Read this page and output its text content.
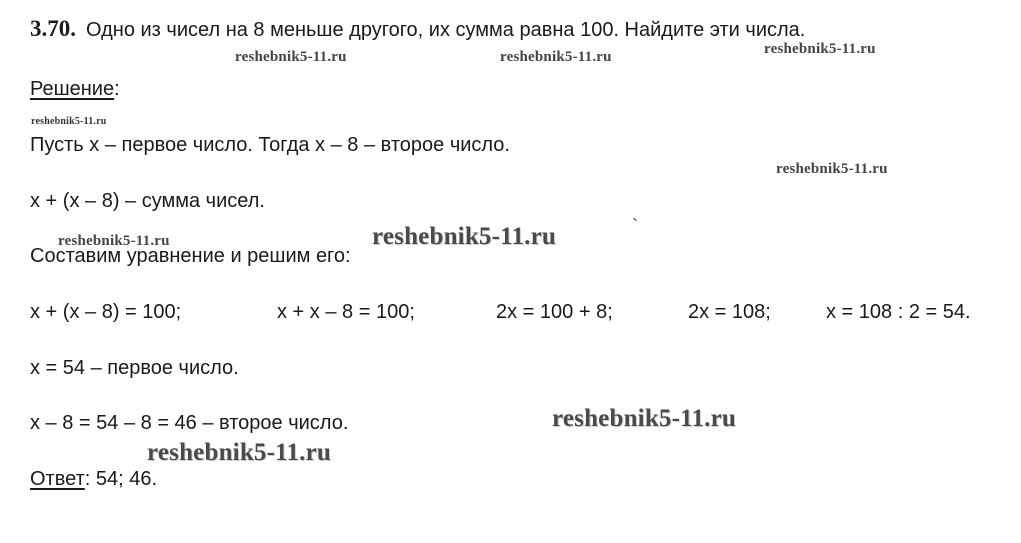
3.70. Одно из чисел на 8 меньше другого, их сумма равна 100. Найдите эти числа.
Решение:
Пусть x – первое число. Тогда x – 8 – второе число.
x + (x – 8) – сумма чисел.
Составим уравнение и решим его:
x + (x – 8) = 100;	x + x – 8 = 100;	2x = 100 + 8;	2x = 108;	x = 108 : 2 = 54.
x = 54 – первое число.
x – 8 = 54 – 8 = 46 – второе число.
Ответ: 54; 46.
reshebnik5-11.ru	reshebnik5-11.ru	reshebnik5-11.ru
reshebnik5-11.ru
reshebnik5-11.ru
reshebnik5-11.ru	reshebnik5-11.ru	`
reshebnik5-11.ru
reshebnik5-11.ru
